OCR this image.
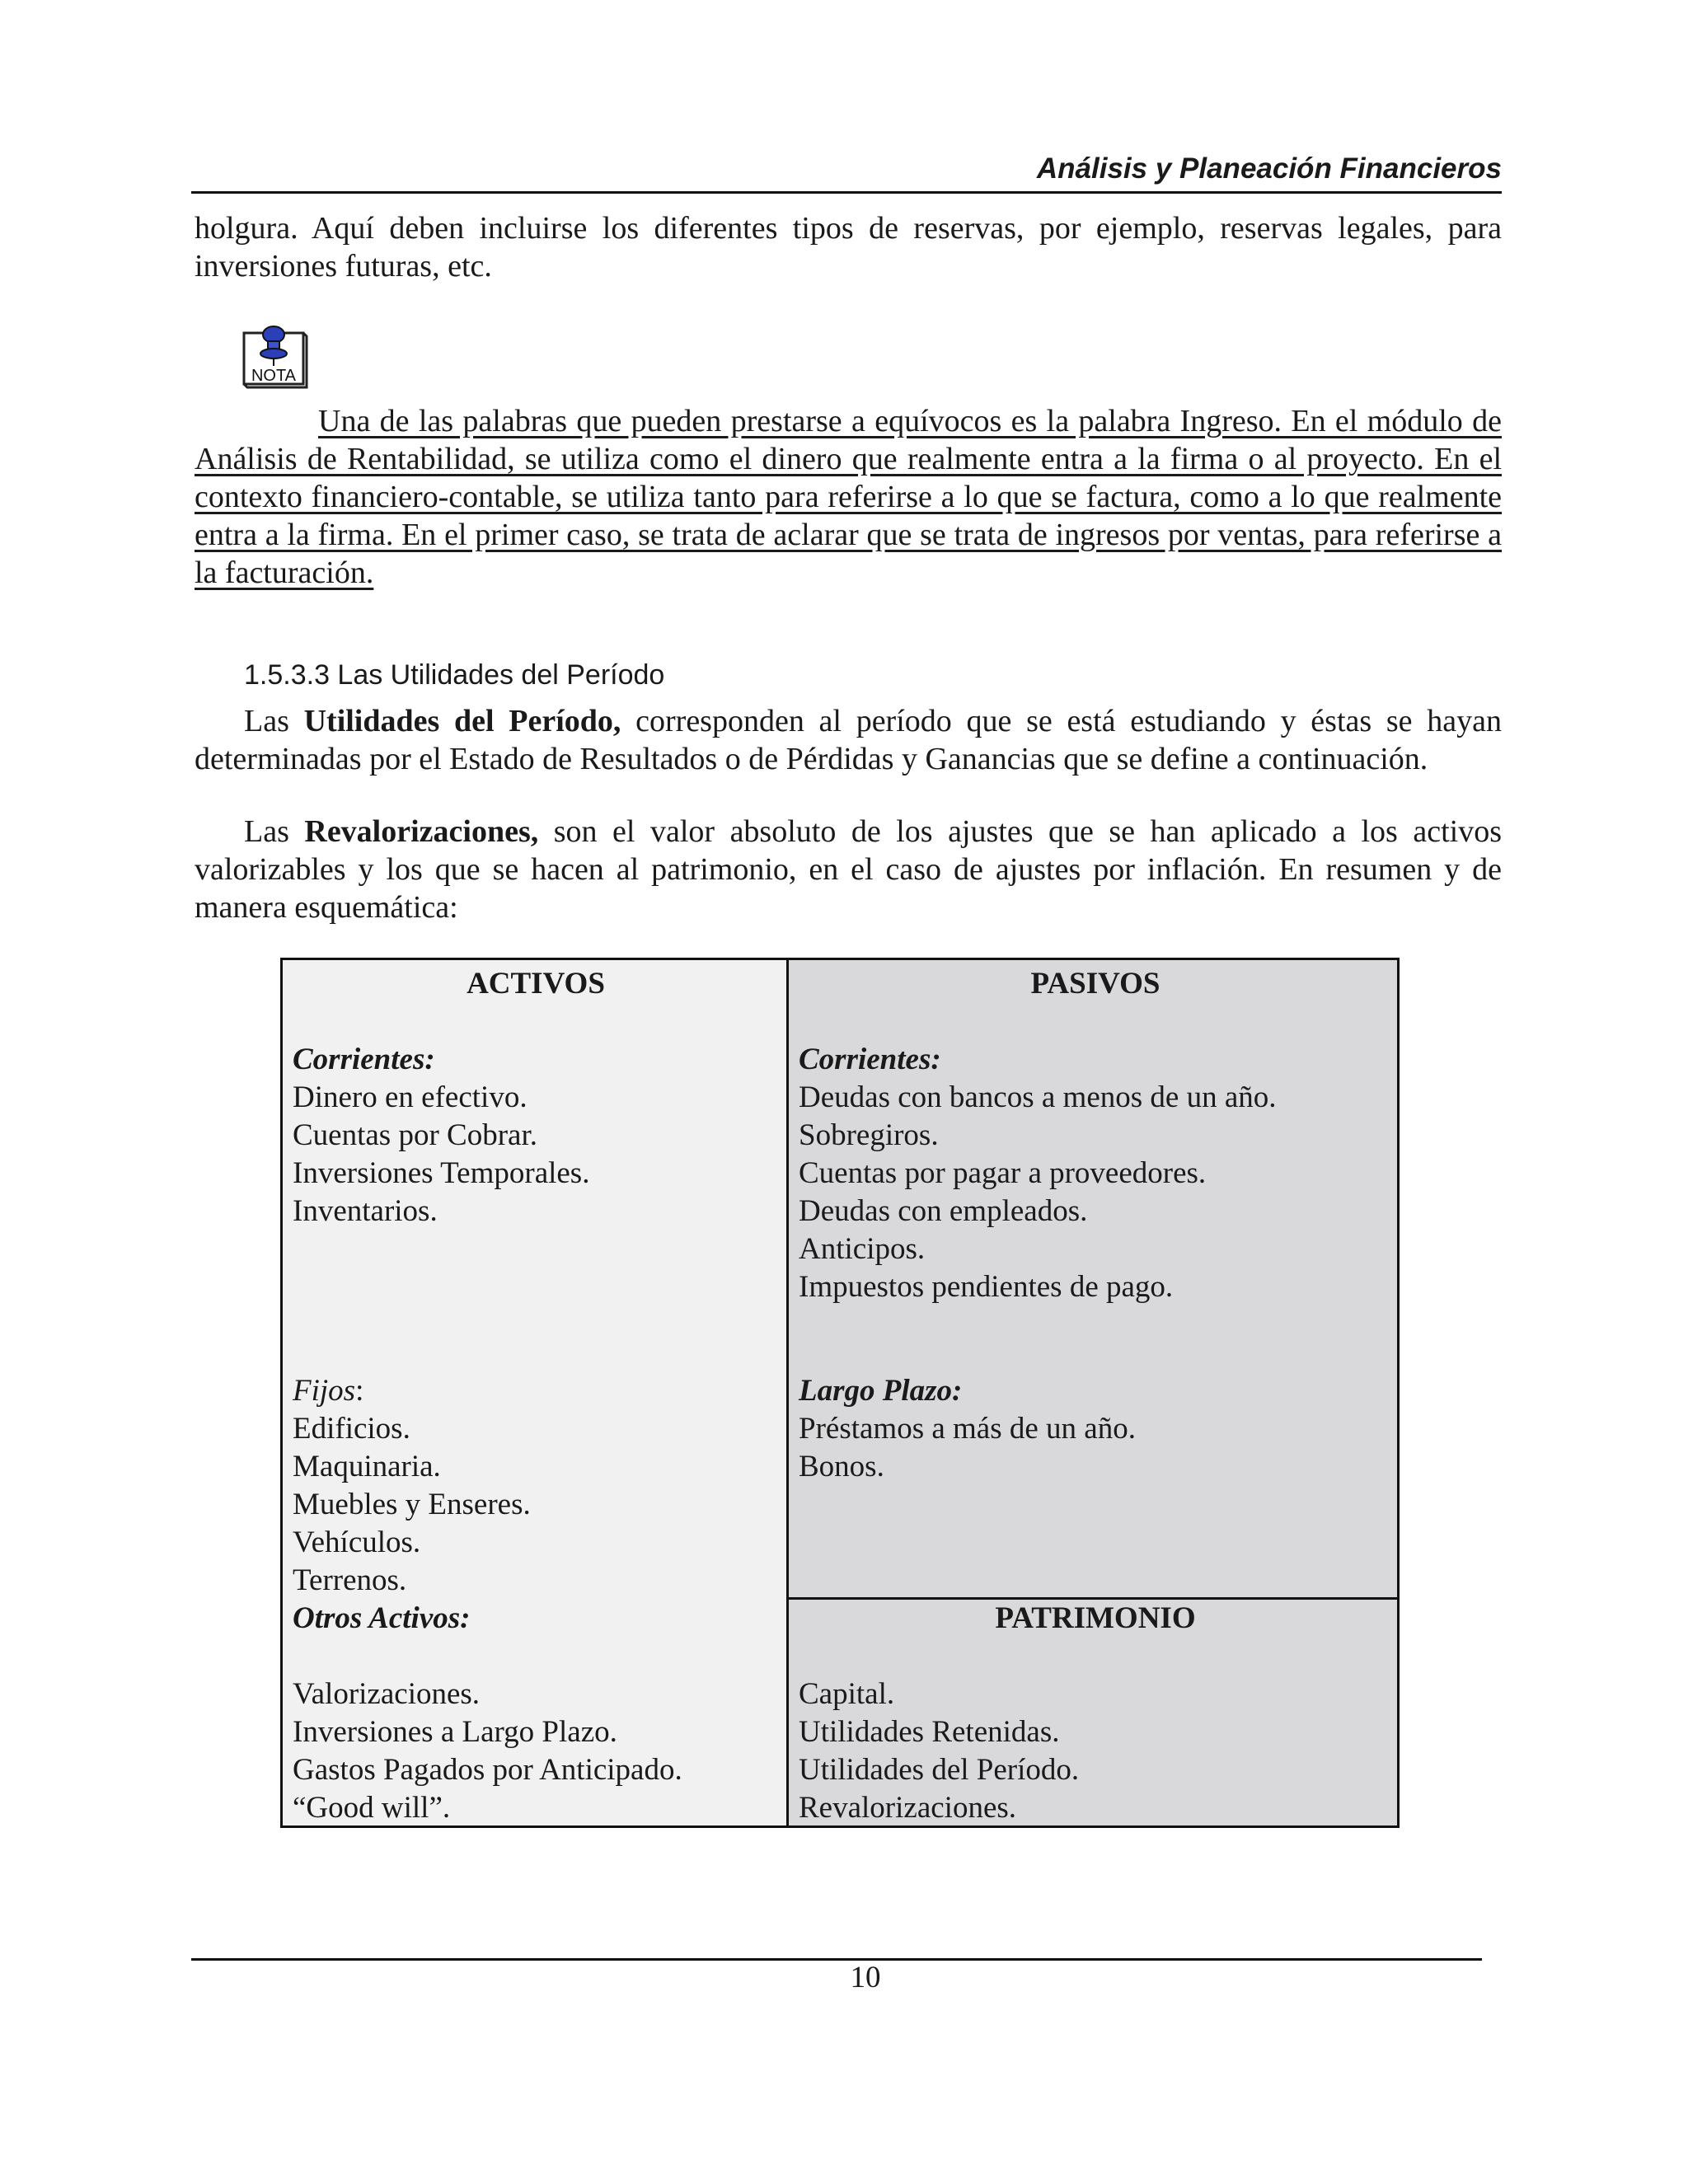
Análisis y Planeación Financieros
holgura. Aquí deben incluirse los diferentes tipos de reservas, por ejemplo, reservas legales, para inversiones futuras, etc.
NOTA
Una de las palabras que pueden prestarse a equívocos es la palabra Ingreso. En el módulo de Análisis de Rentabilidad, se utiliza como el dinero que realmente entra a la firma o al proyecto. En el contexto financiero-contable, se utiliza tanto para referirse a lo que se factura, como a lo que realmente entra a la firma. En el primer caso, se trata de aclarar que se trata de ingresos por ventas, para referirse a la facturación.
1.5.3.3 Las Utilidades del Período
Las Utilidades del Período, corresponden al período que se está estudiando y éstas se hayan determinadas por el Estado de Resultados o de Pérdidas y Ganancias que se define a continuación.
Las Revalorizaciones, son el valor absoluto de los ajustes que se han aplicado a los activos valorizables y los que se hacen al patrimonio, en el caso de ajustes por inflación. En resumen y de manera esquemática:
ACTIVOS

Corrientes:
Dinero en efectivo.
Cuentas por Cobrar.
Inversiones Temporales.
Inventarios.
Fijos:
Edificios.
Maquinaria.
Muebles y Enseres.
Vehículos.
Terrenos.
Otros Activos:

Valorizaciones.
Inversiones a Largo Plazo.
Gastos Pagados por Anticipado.
“Good will”.
PASIVOS

Corrientes:
Deudas con bancos a menos de un año.
Sobregiros.
Cuentas por pagar a proveedores.
Deudas con empleados.
Anticipos.
Impuestos pendientes de pago.
Largo Plazo:
Préstamos a más de un año.
Bonos.
PATRIMONIO

Capital.
Utilidades Retenidas.
Utilidades del Período.
Revalorizaciones.
10
